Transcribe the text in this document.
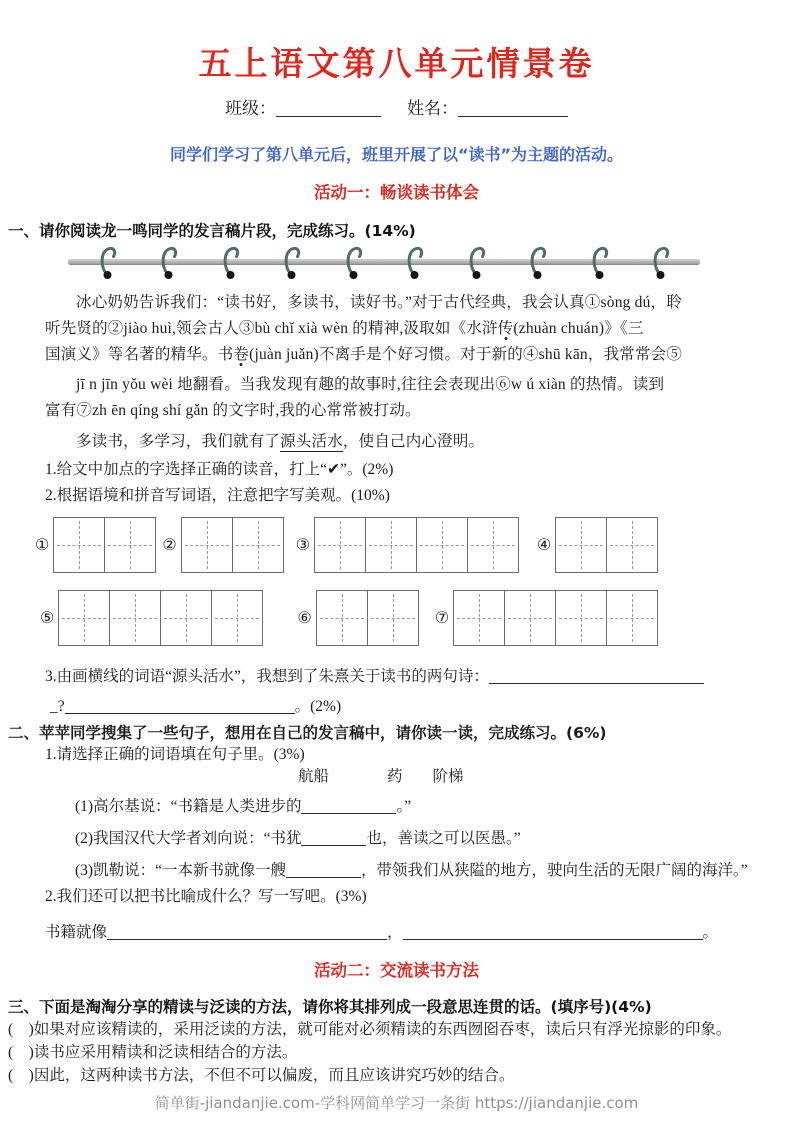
五上语文第八单元情景卷
班级：	姓名：
同学们学习了第八单元后，班里开展了以“读书”为主题的活动。
活动一：畅谈读书体会
一、请你阅读龙一鸣同学的发言稿片段，完成练习。(14%)
冰心奶奶告诉我们：“读书好，多读书，读好书。”对于古代经典，我会认真①sòng dú，聆
听先贤的②jiào huì,领会古人③bù chǐ xià wèn 的精神,汲取如《水浒传(zhuàn chuán)》《三
国演义》等名著的精华。书卷(juàn juǎn)不离手是个好习惯。对于新的④shū kān，我常常会⑤
jī n jīn yǒu wèi 地翻看。当我发现有趣的故事时,往往会表现出⑥w ú xiàn 的热情。读到
富有⑦zh ēn qíng shí gǎn 的文字时,我的心常常被打动。
多读书，多学习，我们就有了源头活水，使自己内心澄明。
1.给文中加点的字选择正确的读音，打上“✔”。(2%)
2.根据语境和拼音写词语，注意把字写美观。(10%)
①	②	③	④
⑤	⑥	⑦
3.由画横线的词语“源头活水”，我想到了朱熹关于读书的两句诗：
_?	。(2%)
二、苹苹同学搜集了一些句子，想用在自己的发言稿中，请你读一读，完成练习。(6%)
1.请选择正确的词语填在句子里。(3%)
航船	药 阶梯
(1)高尔基说：“书籍是人类进步的	。”
(2)我国汉代大学者刘向说：“书犹	也，善读之可以医愚。”
(3)凯勒说：“一本新书就像一艘	，带领我们从狭隘的地方，驶向生活的无限广阔的海洋。”
2.我们还可以把书比喻成什么？写一写吧。(3%)
书籍就像	，	。
活动二：交流读书方法
三、下面是淘淘分享的精读与泛读的方法，请你将其排列成一段意思连贯的话。(填序号)(4%)
(    )如果对应该精读的，采用泛读的方法，就可能对必须精读的东西囫囵吞枣，读后只有浮光掠影的印象。
(    )读书应采用精读和泛读相结合的方法。
(    )因此，这两种读书方法，不但不可以偏废，而且应该讲究巧妙的结合。
简单街-jiandanjie.com-学科网简单学习一条街 https://jiandanjie.com
